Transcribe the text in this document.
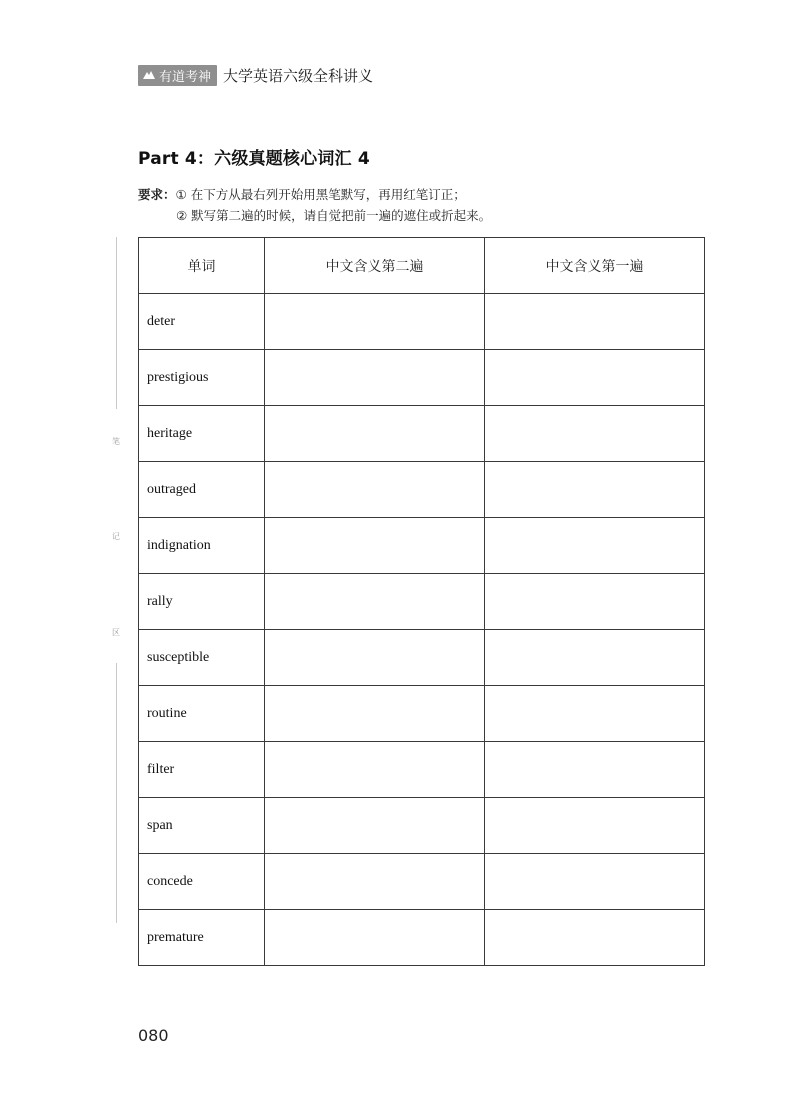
有道考神 大学英语六级全科讲义
Part 4：六级真题核心词汇 4
要求：① 在下方从最右列开始用黑笔默写，再用红笔订正；
② 默写第二遍的时候，请自觉把前一遍的遮住或折起来。
笔
记
区
单词	中文含义第二遍	中文含义第一遍
deter		
prestigious		
heritage		
outraged		
indignation		
rally		
susceptible		
routine		
filter		
span		
concede		
premature		
080
